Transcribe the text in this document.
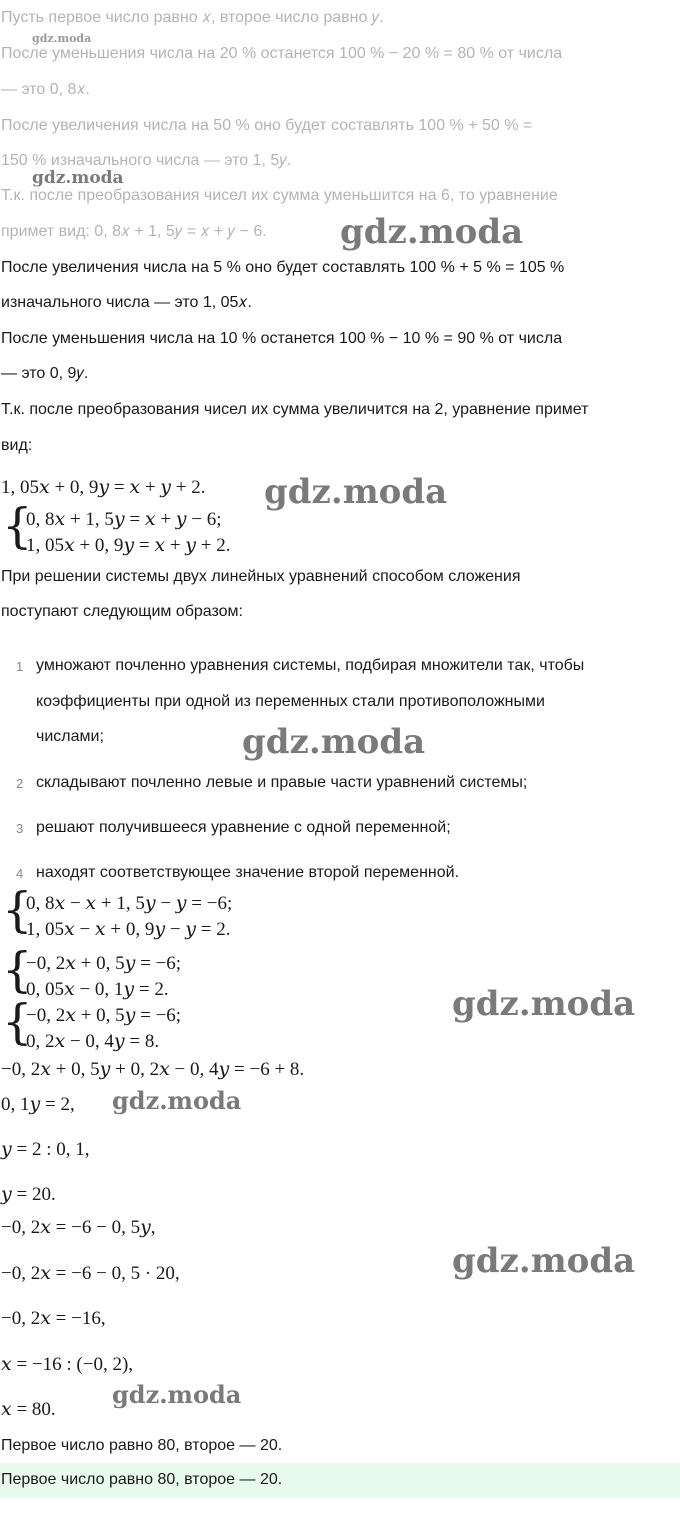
Пусть первое число равно 𝑥, второе число равно 𝑦.
gdz.moda
После уменьшения числа на 20 % останется 100 % − 20 % = 80 % от числа
— это 0, 8𝑥.
После увеличения числа на 50 % оно будет составлять 100 % + 50 % =
150 % изначального числа — это 1, 5𝑦.
gdz.moda
Т.к. после преобразования чисел их сумма уменьшится на 6, то уравнение
примет вид: 0, 8𝑥 + 1, 5𝑦 = 𝑥 + 𝑦 − 6. gdz.moda
После увеличения числа на 5 % оно будет составлять 100 % + 5 % = 105 %
изначального числа — это 1, 05𝑥.
После уменьшения числа на 10 % останется 100 % − 10 % = 90 % от числа
— это 0, 9𝑦.
Т.к. после преобразования чисел их сумма увеличится на 2, уравнение примет
вид:
1, 05𝑥 + 0, 9𝑦 = 𝑥 + 𝑦 + 2. gdz.moda
{
0, 8𝑥 + 1, 5𝑦 = 𝑥 + 𝑦 − 6;
1, 05𝑥 + 0, 9𝑦 = 𝑥 + 𝑦 + 2.
При решении системы двух линейных уравнений способом сложения
поступают следующим образом:
1 умножают почленно уравнения системы, подбирая множители так, чтобы
коэффициенты при одной из переменных стали противоположными
числами;	gdz.moda
2 складывают почленно левые и правые части уравнений системы;
3 решают получившееся уравнение с одной переменной;
4 находят соответствующее значение второй переменной.
{
0, 8𝑥 − 𝑥 + 1, 5𝑦 − 𝑦 = −6;
1, 05𝑥 − 𝑥 + 0, 9𝑦 − 𝑦 = 2.
{
−0, 2𝑥 + 0, 5𝑦 = −6;
0, 05𝑥 − 0, 1𝑦 = 2.	gdz.moda
{
−0, 2𝑥 + 0, 5𝑦 = −6;
0, 2𝑥 − 0, 4𝑦 = 8.
−0, 2𝑥 + 0, 5𝑦 + 0, 2𝑥 − 0, 4𝑦 = −6 + 8.
0, 1𝑦 = 2, gdz.moda
𝑦 = 2 : 0, 1,
𝑦 = 20.
−0, 2𝑥 = −6 − 0, 5𝑦,
gdz.moda
−0, 2𝑥 = −6 − 0, 5 · 20,
−0, 2𝑥 = −16,
𝑥 = −16 : (−0, 2),
gdz.moda
𝑥 = 80.
Первое число равно 80, второе — 20.
Первое число равно 80, второе — 20.
